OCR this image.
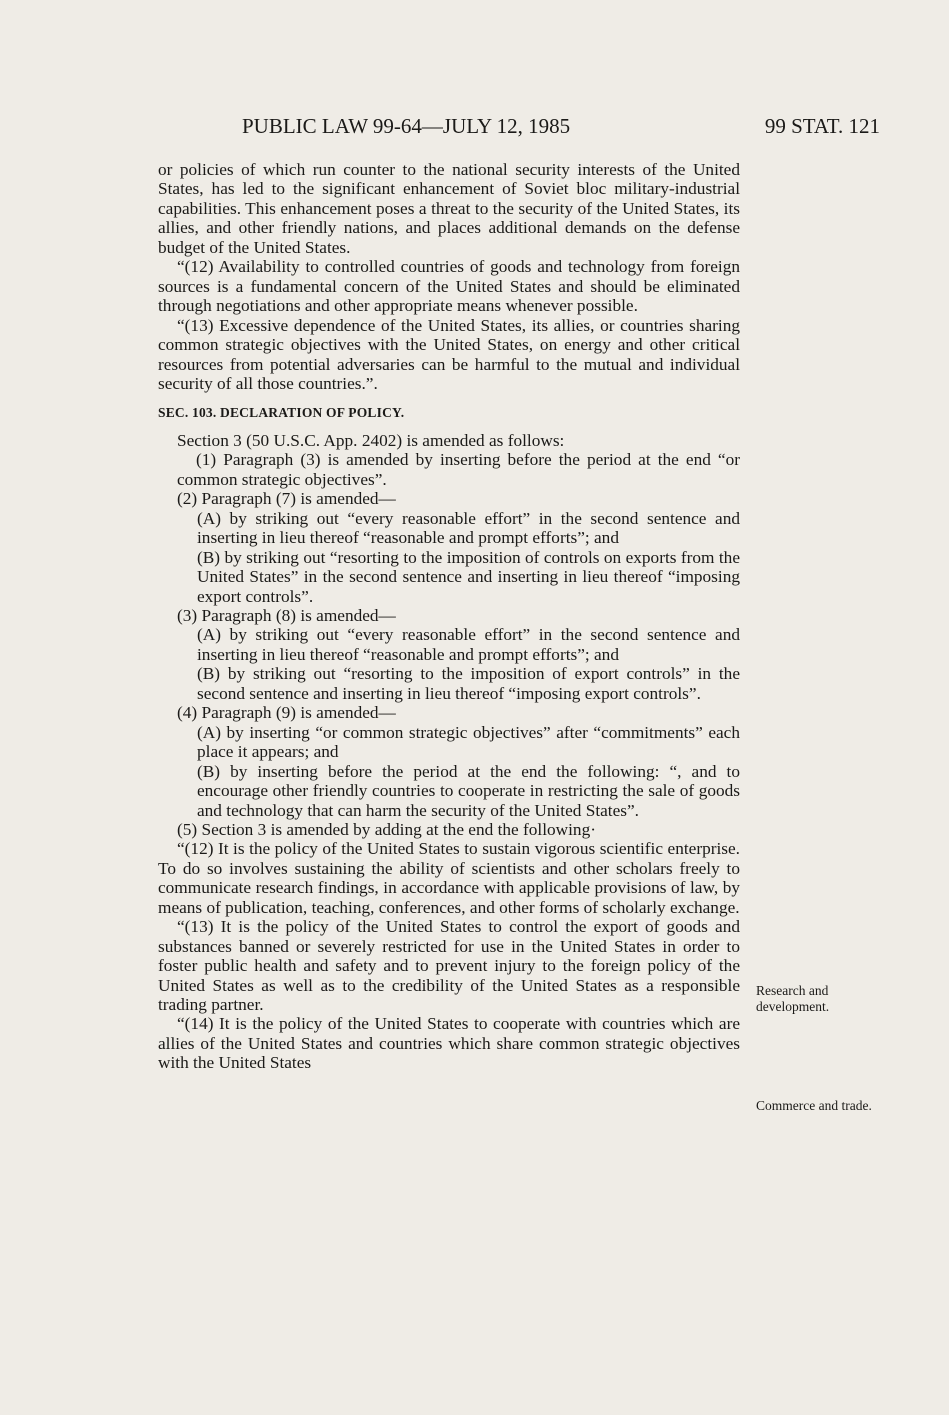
PUBLIC LAW 99-64—JULY 12, 1985	99 STAT. 121

or policies of which run counter to the national security interests of the United States, has led to the significant enhancement of Soviet bloc military-industrial capabilities. This enhancement poses a threat to the security of the United States, its allies, and other friendly nations, and places additional demands on the defense budget of the United States.

“(12) Availability to controlled countries of goods and technology from foreign sources is a fundamental concern of the United States and should be eliminated through negotiations and other appropriate means whenever possible.

“(13) Excessive dependence of the United States, its allies, or countries sharing common strategic objectives with the United States, on energy and other critical resources from potential adversaries can be harmful to the mutual and individual security of all those countries.”.

SEC. 103. DECLARATION OF POLICY.

Section 3 (50 U.S.C. App. 2402) is amended as follows:

(1) Paragraph (3) is amended by inserting before the period at the end “or common strategic objectives”.

(2) Paragraph (7) is amended—

(A) by striking out “every reasonable effort” in the second sentence and inserting in lieu thereof “reasonable and prompt efforts”; and

(B) by striking out “resorting to the imposition of controls on exports from the United States” in the second sentence and inserting in lieu thereof “imposing export controls”.

(3) Paragraph (8) is amended—

(A) by striking out “every reasonable effort” in the second sentence and inserting in lieu thereof “reasonable and prompt efforts”; and

(B) by striking out “resorting to the imposition of export controls” in the second sentence and inserting in lieu thereof “imposing export controls”.

(4) Paragraph (9) is amended—

(A) by inserting “or common strategic objectives” after “commitments” each place it appears; and

(B) by inserting before the period at the end the following: “, and to encourage other friendly countries to cooperate in restricting the sale of goods and technology that can harm the security of the United States”.

(5) Section 3 is amended by adding at the end the following·

“(12) It is the policy of the United States to sustain vigorous scientific enterprise. To do so involves sustaining the ability of scientists and other scholars freely to communicate research findings, in accordance with applicable provisions of law, by means of publication, teaching, conferences, and other forms of scholarly exchange.

“(13) It is the policy of the United States to control the export of goods and substances banned or severely restricted for use in the United States in order to foster public health and safety and to prevent injury to the foreign policy of the United States as well as to the credibility of the United States as a responsible trading partner.

“(14) It is the policy of the United States to cooperate with countries which are allies of the United States and countries which share common strategic objectives with the United States

Research and development.
Commerce and trade.
